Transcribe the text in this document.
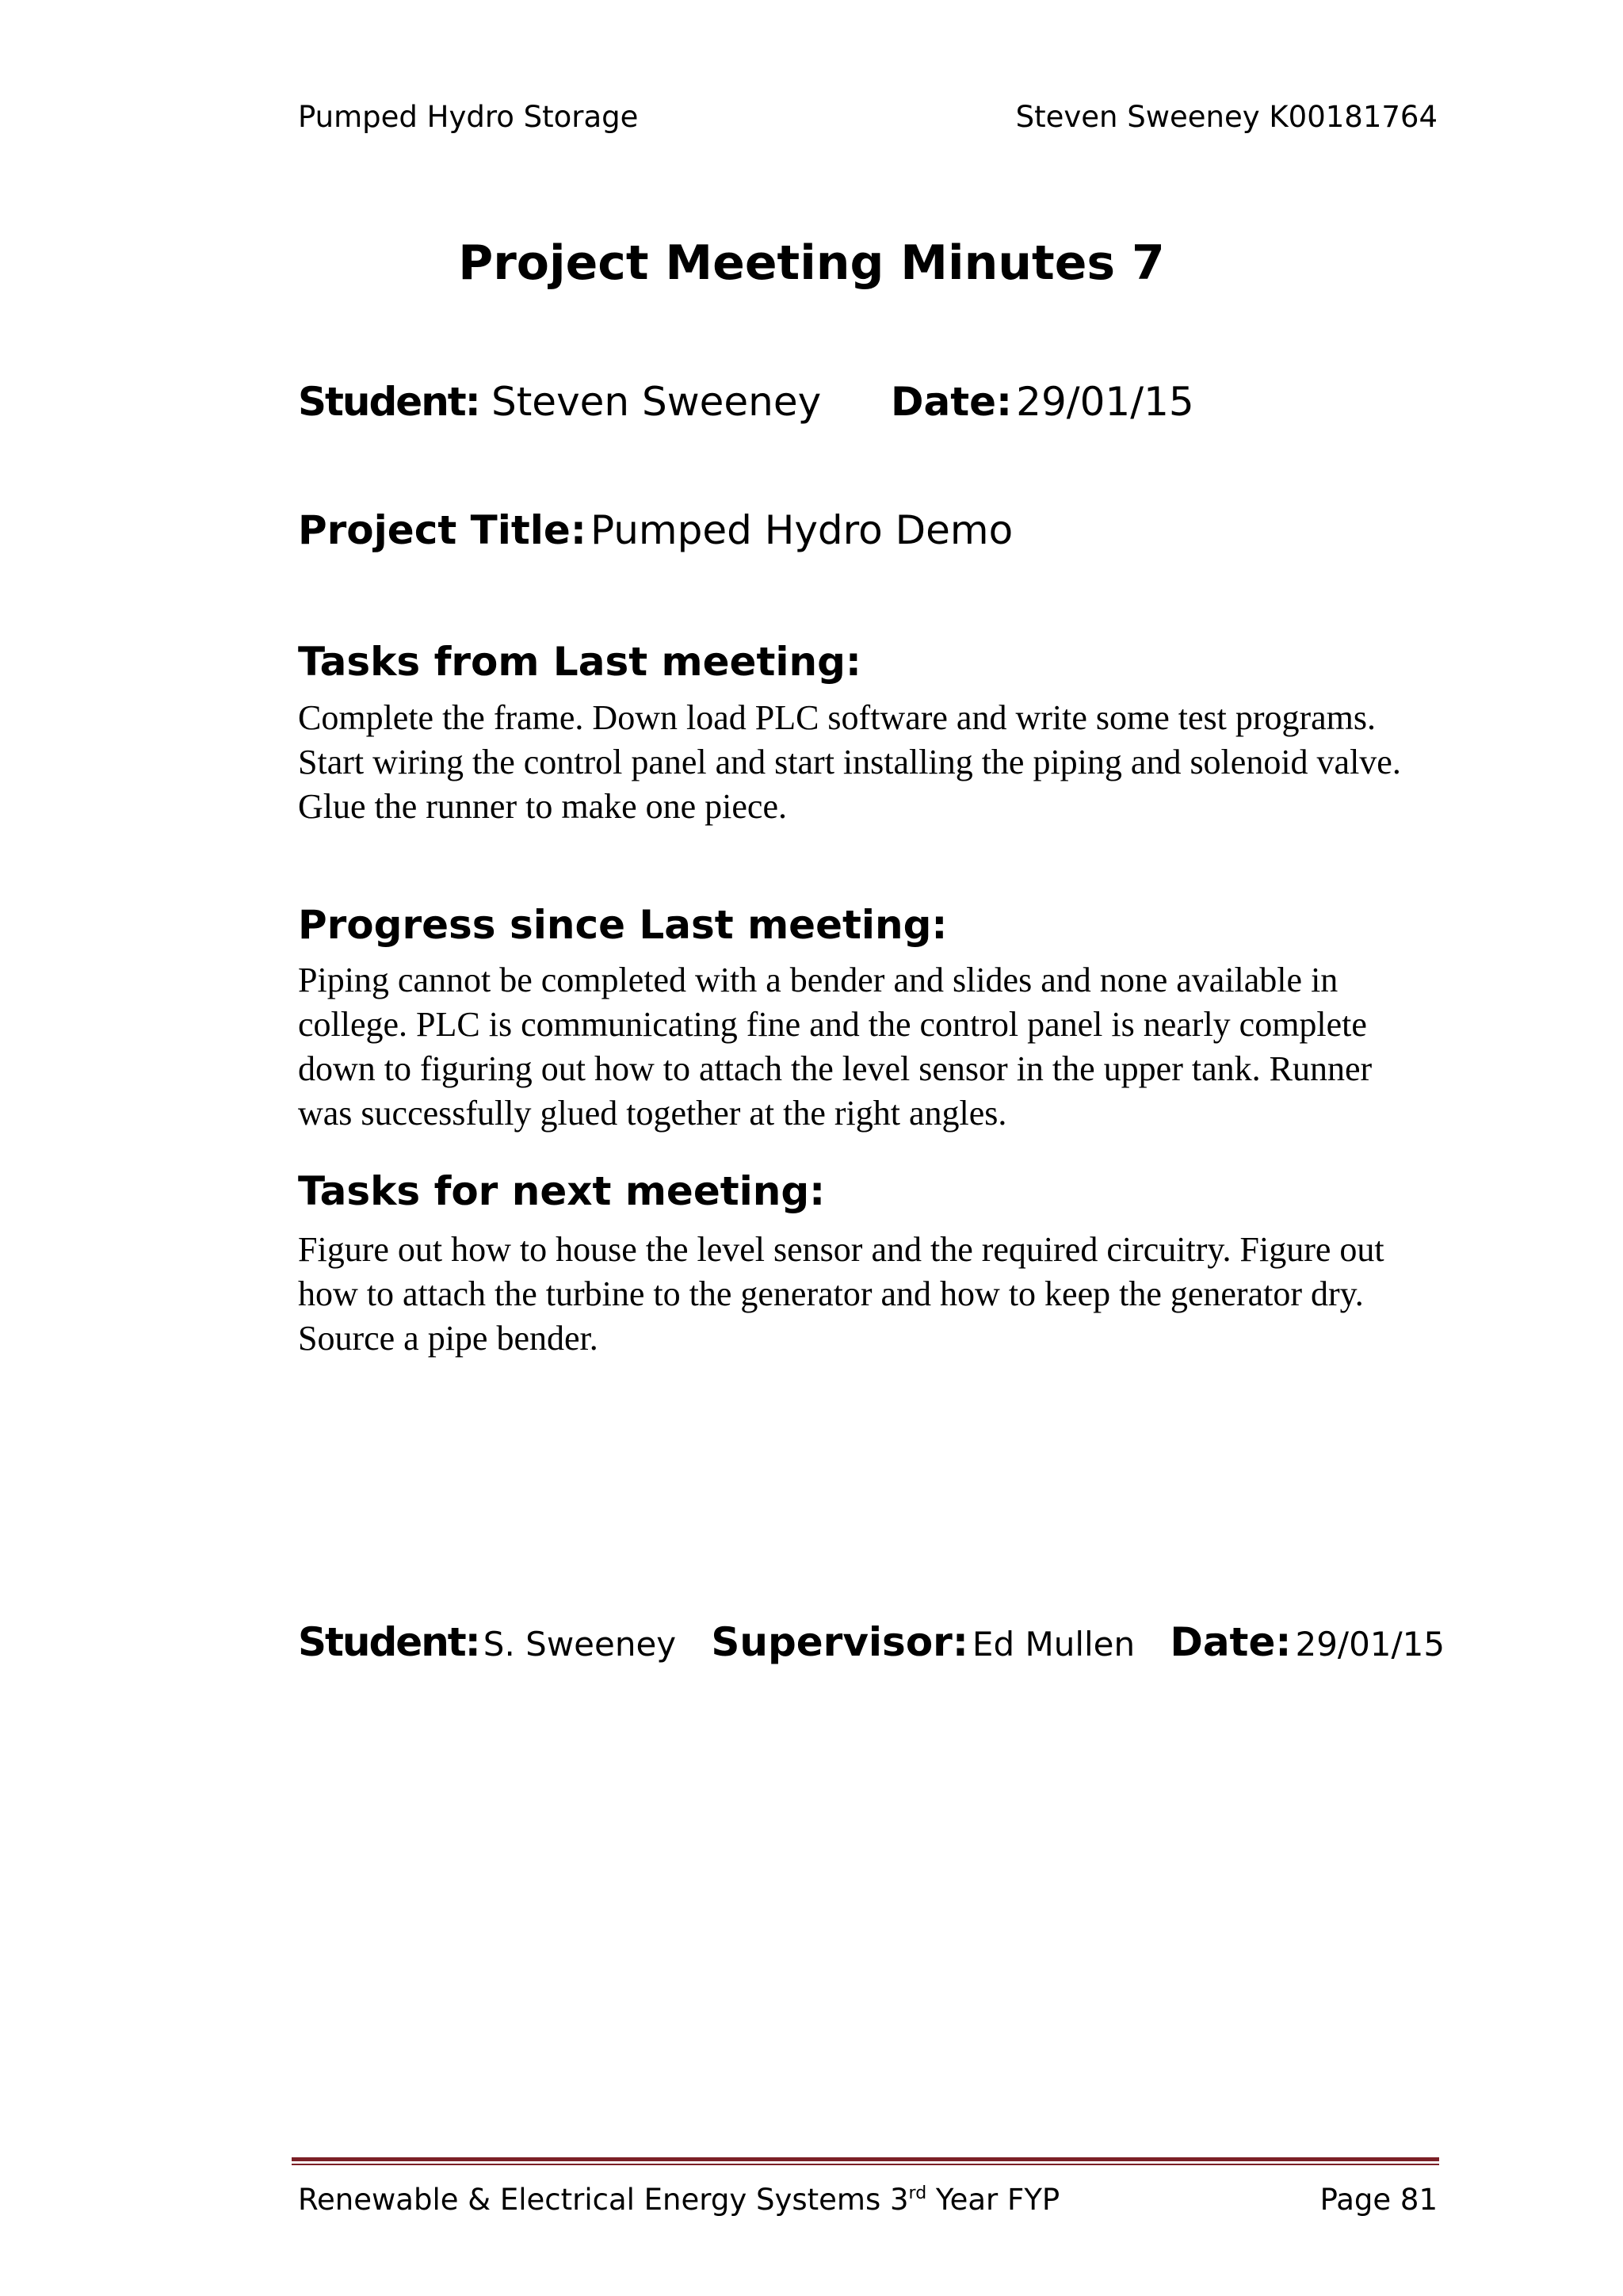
Pumped Hydro Storage	Steven Sweeney K00181764
Project Meeting Minutes 7
Student: Steven Sweeney Date: 29/01/15
Project Title: Pumped Hydro Demo
Tasks from Last meeting:

Complete the frame. Down load PLC software and write some test programs. Start wiring the control panel and start installing the piping and solenoid valve. Glue the runner to make one piece.

Progress since Last meeting:

Piping cannot be completed with a bender and slides and none available in college. PLC is communicating fine and the control panel is nearly complete down to figuring out how to attach the level sensor in the upper tank. Runner was successfully glued together at the right angles.

Tasks for next meeting:

Figure out how to house the level sensor and the required circuitry. Figure out how to attach the turbine to the generator and how to keep the generator dry. Source a pipe bender.

Student: S. Sweeney Supervisor: Ed Mullen Date: 29/01/15
Renewable & Electrical Energy Systems 3rd Year FYP	Page 81
